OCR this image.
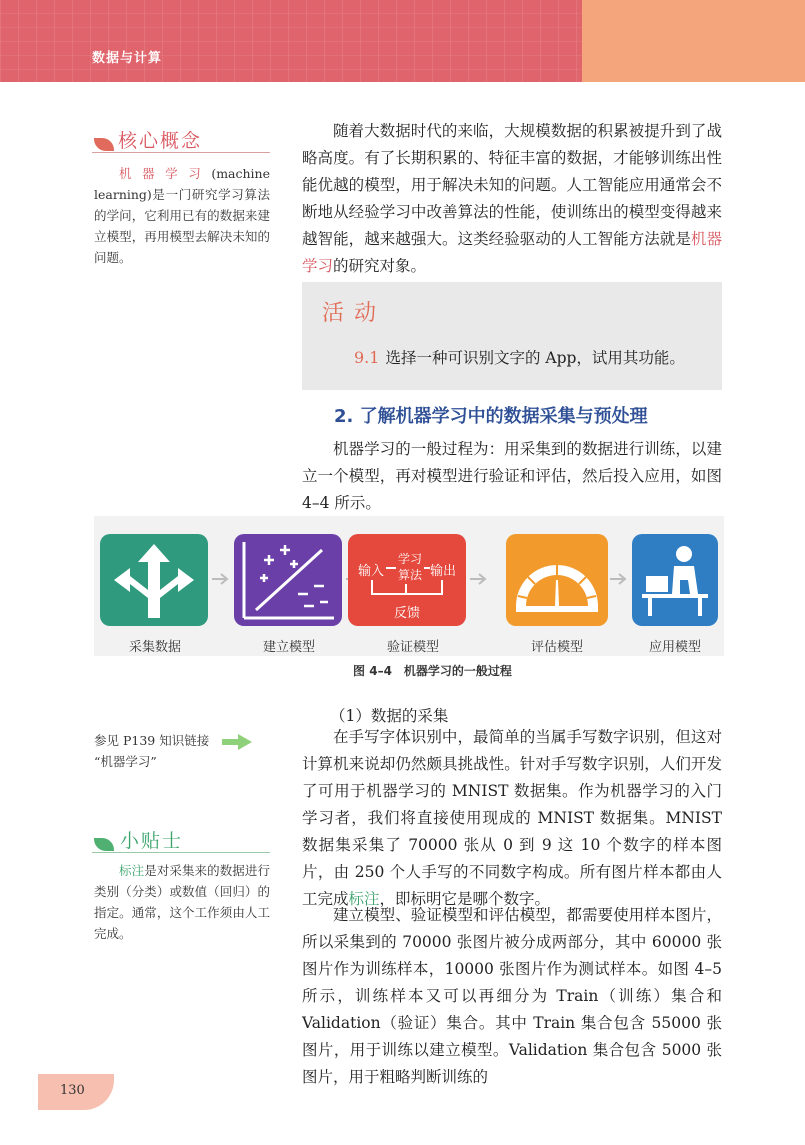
数据与计算
核心概念
机器学习(machine learning)是一门研究学习算法的学问，它利用已有的数据来建立模型，再用模型去解决未知的问题。
随着大数据时代的来临，大规模数据的积累被提升到了战略高度。有了长期积累的、特征丰富的数据，才能够训练出性能优越的模型，用于解决未知的问题。人工智能应用通常会不断地从经验学习中改善算法的性能，使训练出的模型变得越来越智能，越来越强大。这类经验驱动的人工智能方法就是机器学习的研究对象。
活动
9.1 选择一种可识别文字的 App，试用其功能。
2. 了解机器学习中的数据采集与预处理
机器学习的一般过程为：用采集到的数据进行训练，以建立一个模型，再对模型进行验证和评估，然后投入应用，如图 4–4 所示。
输入
学习
算法 输出
反馈
采集数据	建立模型	验证模型	评估模型	应用模型
图 4–4　机器学习的一般过程
（1）数据的采集
参见 P139 知识链接
“机器学习”
在手写字体识别中，最简单的当属手写数字识别，但这对计算机来说却仍然颇具挑战性。针对手写数字识别，人们开发了可用于机器学习的 MNIST 数据集。作为机器学习的入门学习者，我们将直接使用现成的 MNIST 数据集。MNIST 数据集采集了 70000 张从 0 到 9 这 10 个数字的样本图片，由 250 个人手写的不同数字构成。所有图片样本都由人工完成标注，即标明它是哪个数字。
建立模型、验证模型和评估模型，都需要使用样本图片，所以采集到的 70000 张图片被分成两部分，其中 60000 张图片作为训练样本，10000 张图片作为测试样本。如图 4–5 所示，训练样本又可以再细分为 Train（训练）集合和 Validation（验证）集合。其中 Train 集合包含 55000 张图片，用于训练以建立模型。Validation 集合包含 5000 张图片，用于粗略判断训练的
小贴士
标注是对采集来的数据进行类别（分类）或数值（回归）的指定。通常，这个工作须由人工完成。
130
